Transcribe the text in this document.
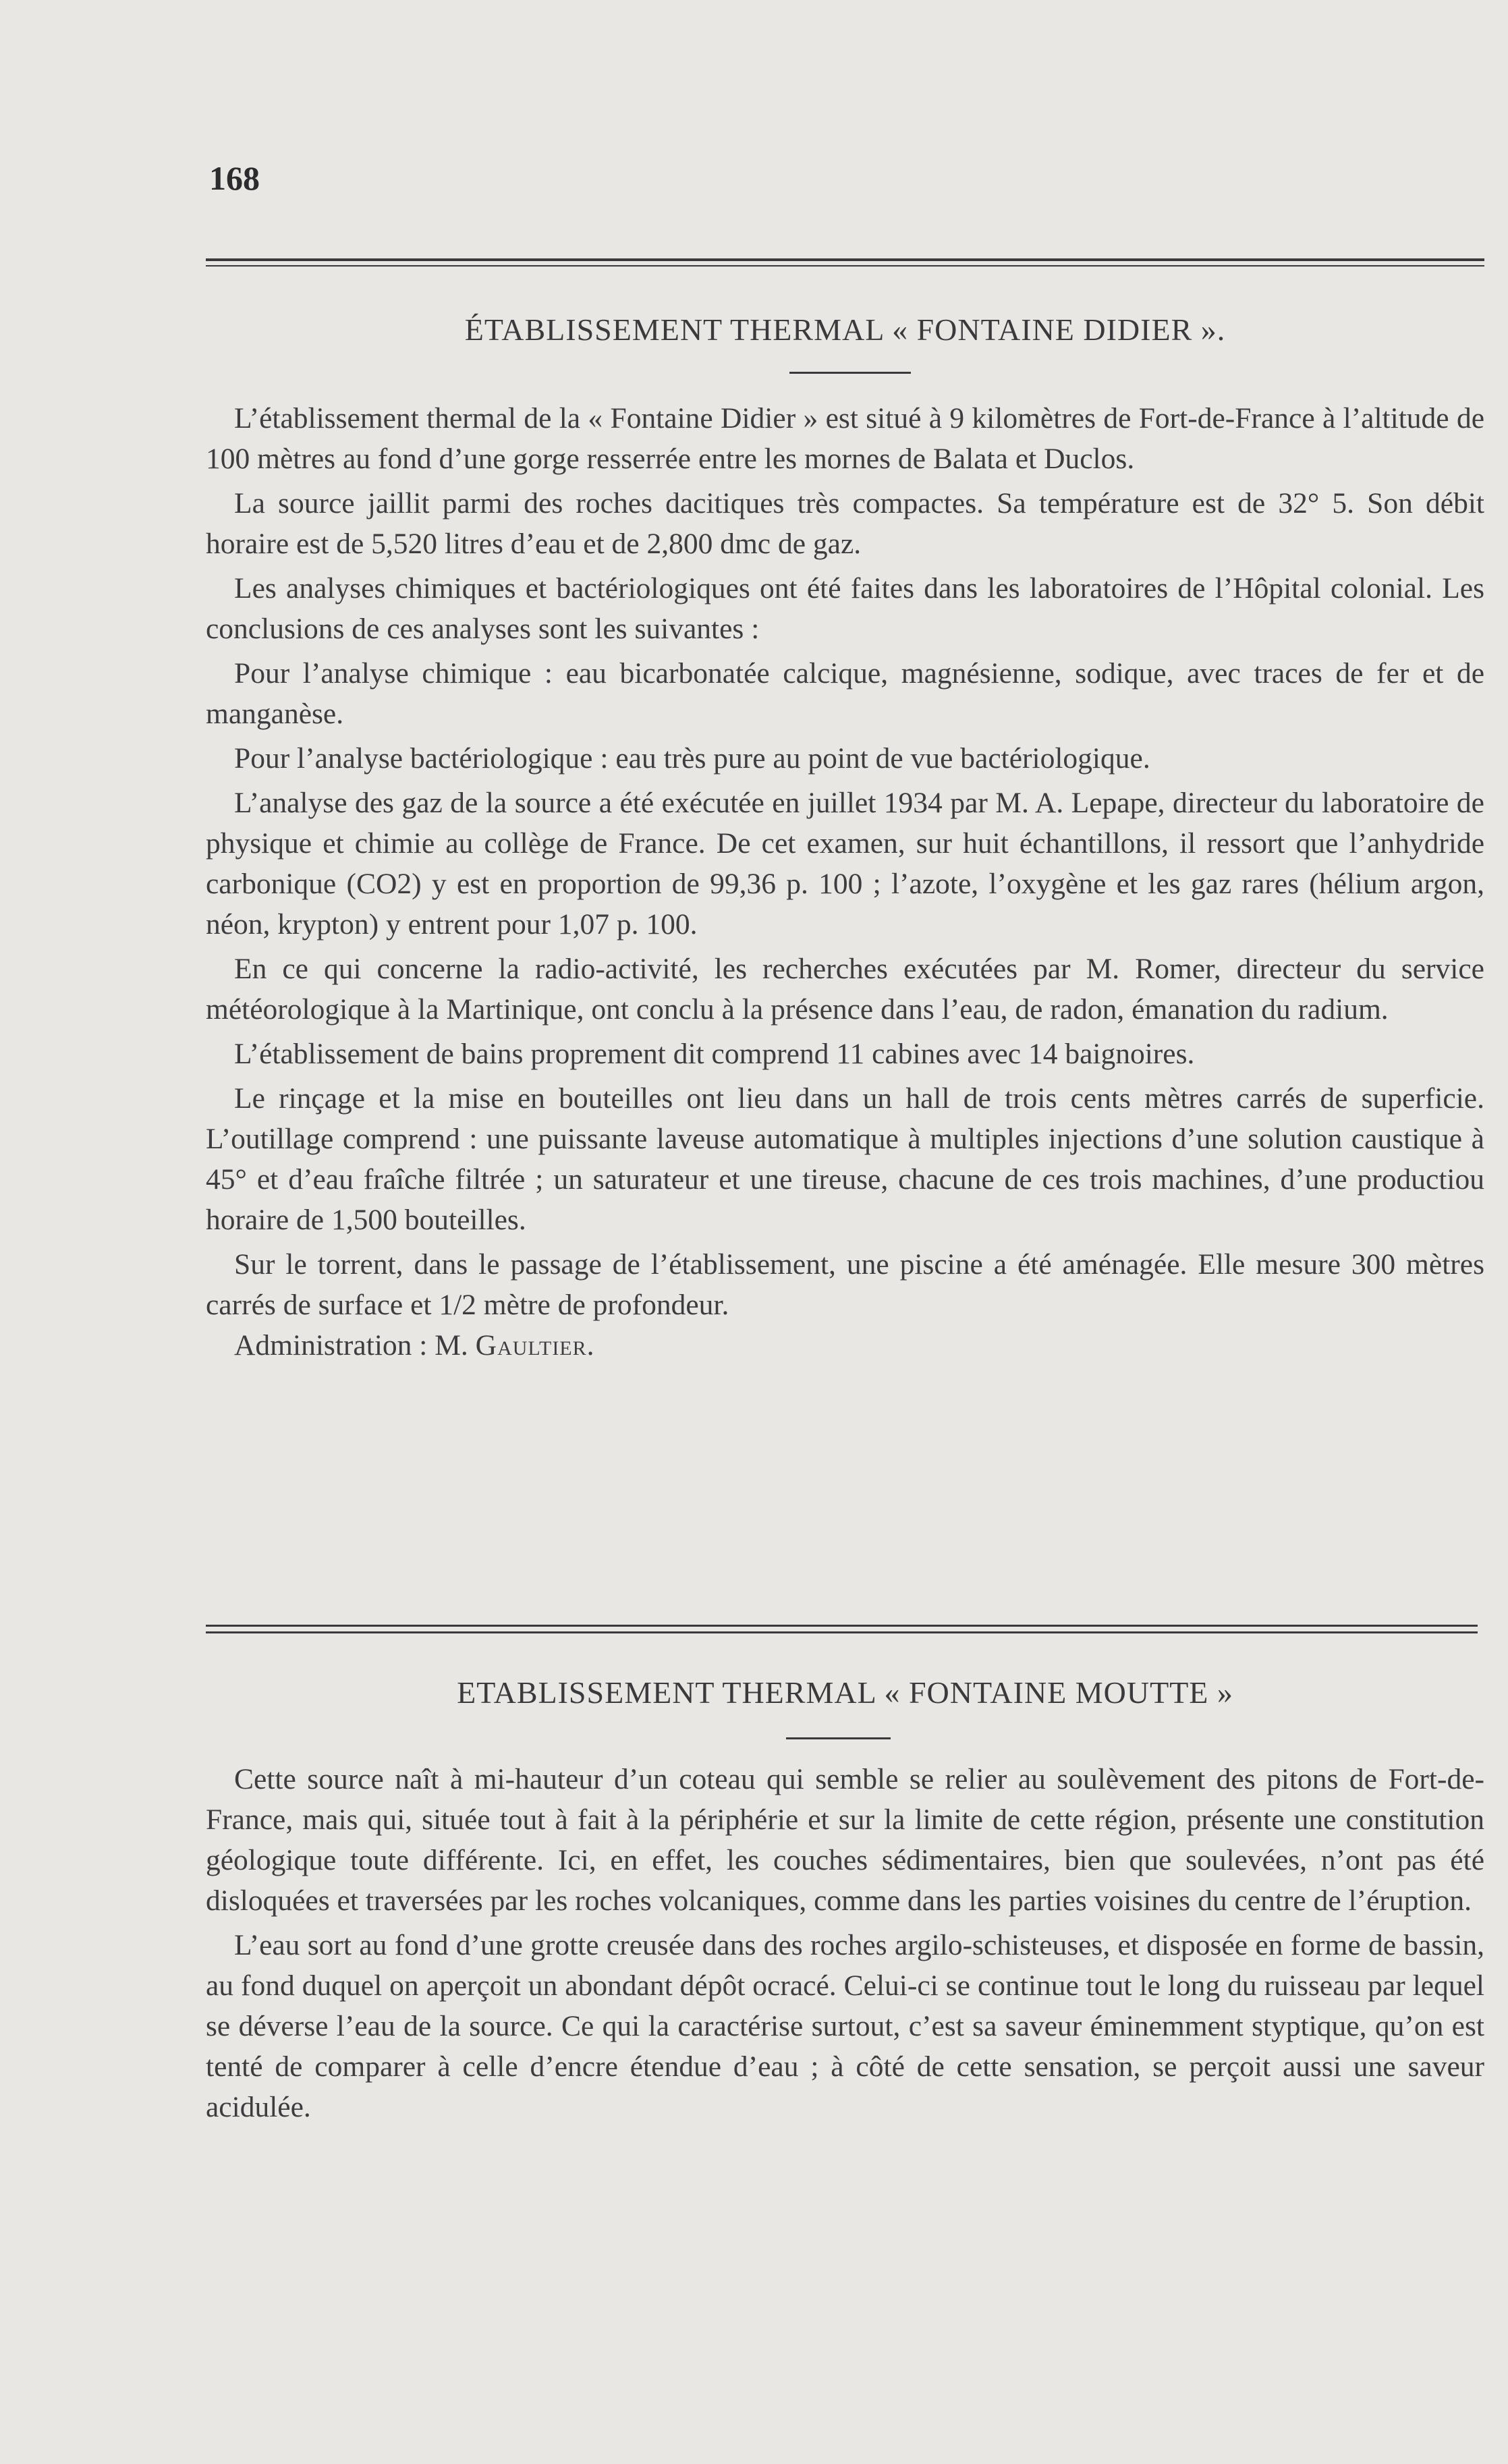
168
ÉTABLISSEMENT THERMAL « FONTAINE DIDIER ».

L’établissement thermal de la « Fontaine Didier » est situé à 9 kilomètres de Fort-de-France à l’altitude de 100 mètres au fond d’une gorge resserrée entre les mornes de Balata et Duclos.

La source jaillit parmi des roches dacitiques très compactes. Sa température est de 32° 5. Son débit horaire est de 5,520 litres d’eau et de 2,800 dmc de gaz.

Les analyses chimiques et bactériologiques ont été faites dans les laboratoires de l’Hôpital colonial. Les conclusions de ces analyses sont les suivantes :

Pour l’analyse chimique : eau bicarbonatée calcique, magnésienne, sodique, avec traces de fer et de manganèse.

Pour l’analyse bactériologique : eau très pure au point de vue bactériologique.

L’analyse des gaz de la source a été exécutée en juillet 1934 par M. A. Lepape, directeur du laboratoire de physique et chimie au collège de France. De cet examen, sur huit échantillons, il ressort que l’anhydride carbonique (CO2) y est en proportion de 99,36 p. 100 ; l’azote, l’oxygène et les gaz rares (hélium argon, néon, krypton) y entrent pour 1,07 p. 100.

En ce qui concerne la radio-activité, les recherches exécutées par M. Romer, directeur du service météorologique à la Martinique, ont conclu à la présence dans l’eau, de radon, émanation du radium.

L’établissement de bains proprement dit comprend 11 cabines avec 14 baignoires.

Le rinçage et la mise en bouteilles ont lieu dans un hall de trois cents mètres carrés de superficie. L’outillage comprend : une puissante laveuse automatique à multiples injections d’une solution caustique à 45° et d’eau fraîche filtrée ; un saturateur et une tireuse, chacune de ces trois machines, d’une productiou horaire de 1,500 bouteilles.

Sur le torrent, dans le passage de l’établissement, une piscine a été aménagée. Elle mesure 300 mètres carrés de surface et 1/2 mètre de profondeur.

Administration : M. Gaultier.

ETABLISSEMENT THERMAL « FONTAINE MOUTTE »

Cette source naît à mi-hauteur d’un coteau qui semble se relier au soulèvement des pitons de Fort-de-France, mais qui, située tout à fait à la périphérie et sur la limite de cette région, présente une constitution géologique toute différente. Ici, en effet, les couches sédimentaires, bien que soulevées, n’ont pas été disloquées et traversées par les roches volcaniques, comme dans les parties voisines du centre de l’éruption.

L’eau sort au fond d’une grotte creusée dans des roches argilo-schisteuses, et disposée en forme de bassin, au fond duquel on aperçoit un abondant dépôt ocracé. Celui-ci se continue tout le long du ruisseau par lequel se déverse l’eau de la source. Ce qui la caractérise surtout, c’est sa saveur éminemment styptique, qu’on est tenté de comparer à celle d’encre étendue d’eau ; à côté de cette sensation, se perçoit aussi une saveur acidulée.
